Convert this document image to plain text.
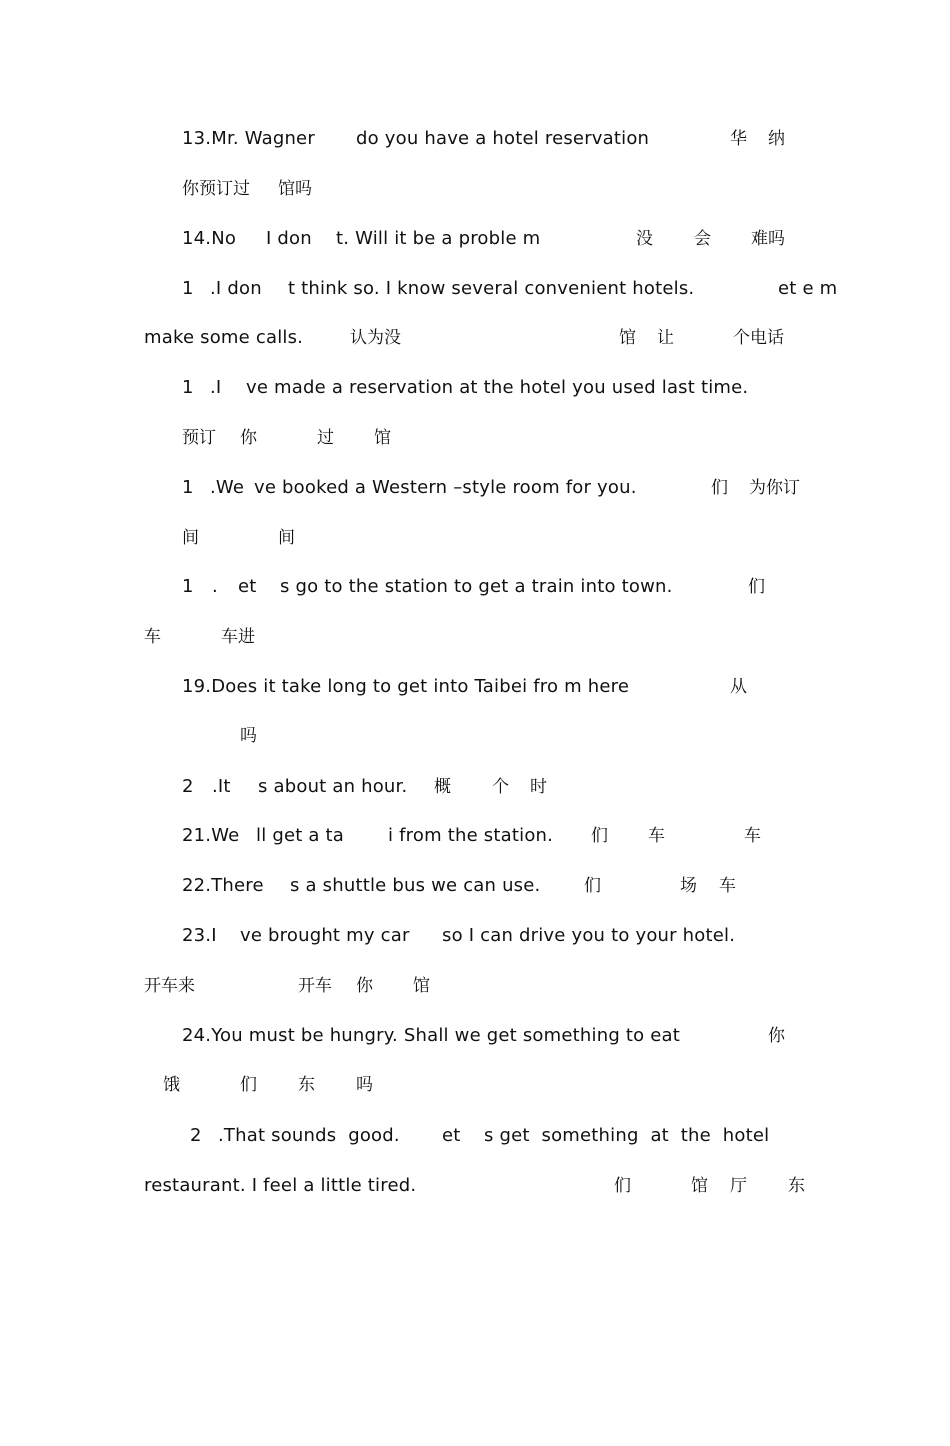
13.Mr. Wagner

do you have a hotel reservation

	华

纳

你预订过

馆吗

14.No

I don

t. Will it be a proble m

	没

会

难吗

1

.I don

t think so. I know several convenient hotels.

	et e m

make some calls.

	认为没

	馆

让

	个电话

1

.I

ve made a reservation at the hotel you used last time.

预订

你

	过

馆

1

.We

ve booked a Western –style room for you.

	们

为你订

间

	间

1

.

et

s go to the station to get a train into town.

	们

车

	车进

19.Does it take long to get into Taibei fro m here

	从

吗

2

.It

s about an hour.

概

个

时

21.We

ll get a ta

i from the station.

们

车

	车

22.There

s a shuttle bus we can use.

	们

	场

车

23.I

ve brought my car

so I can drive you to your hotel.

开车来

	开车

你

馆

24.You must be hungry. Shall we get something to eat

	你

饿

	们

东

吗

2

.That sounds  good.

et

s get  something  at  the  hotel

restaurant. I feel a little tired.

	们

	馆

厅

东
